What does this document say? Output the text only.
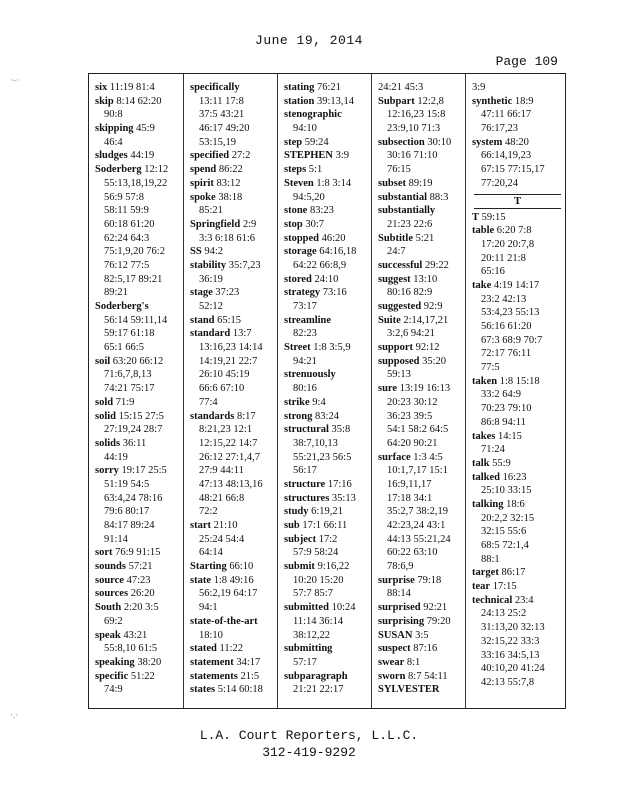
June 19, 2014
Page 109
·-·
·.·
six 11:19 81:4
skip 8:14 62:20
90:8
skipping 45:9
46:4
sludges 44:19
Soderberg 12:12
55:13,18,19,22
56:9 57:8
58:11 59:9
60:18 61:20
62:24 64:3
75:1,9,20 76:2
76:12 77:5
82:5,17 89:21
89:21
Soderberg's
56:14 59:11,14
59:17 61:18
65:1 66:5
soil 63:20 66:12
71:6,7,8,13
74:21 75:17
sold 71:9
solid 15:15 27:5
27:19,24 28:7
solids 36:11
44:19
sorry 19:17 25:5
51:19 54:5
63:4,24 78:16
79:6 80:17
84:17 89:24
91:14
sort 76:9 91:15
sounds 57:21
source 47:23
sources 26:20
South 2:20 3:5
69:2
speak 43:21
55:8,10 61:5
speaking 38:20
specific 51:22
74:9
specifically
13:11 17:8
37:5 43:21
46:17 49:20
53:15,19
specified 27:2
spend 86:22
spirit 83:12
spoke 38:18
85:21
Springfield 2:9
3:3 6:18 61:6
SS 94:2
stability 35:7,23
36:19
stage 37:23
52:12
stand 65:15
standard 13:7
13:16,23 14:14
14:19,21 22:7
26:10 45:19
66:6 67:10
77:4
standards 8:17
8:21,23 12:1
12:15,22 14:7
26:12 27:1,4,7
27:9 44:11
47:13 48:13,16
48:21 66:8
72:2
start 21:10
25:24 54:4
64:14
Starting 66:10
state 1:8 49:16
56:2,19 64:17
94:1
state-of-the-art
18:10
stated 11:22
statement 34:17
statements 21:5
states 5:14 60:18
stating 76:21
station 39:13,14
stenographic
94:10
step 59:24
STEPHEN 3:9
steps 5:1
Steven 1:8 3:14
94:5,20
stone 83:23
stop 30:7
stopped 46:20
storage 64:16,18
64:22 66:8,9
stored 24:10
strategy 73:16
73:17
streamline
82:23
Street 1:8 3:5,9
94:21
strenuously
80:16
strike 9:4
strong 83:24
structural 35:8
38:7,10,13
55:21,23 56:5
56:17
structure 17:16
structures 35:13
study 6:19,21
sub 17:1 66:11
subject 17:2
57:9 58:24
submit 9:16,22
10:20 15:20
57:7 85:7
submitted 10:24
11:14 36:14
38:12,22
submitting
57:17
subparagraph
21:21 22:17
24:21 45:3
Subpart 12:2,8
12:16,23 15:8
23:9,10 71:3
subsection 30:10
30:16 71:10
76:15
subset 89:19
substantial 88:3
substantially
21:23 22:6
Subtitle 5:21
24:7
successful 29:22
suggest 13:10
80:16 82:9
suggested 92:9
Suite 2:14,17,21
3:2,6 94:21
support 92:12
supposed 35:20
59:13
sure 13:19 16:13
20:23 30:12
36:23 39:5
54:1 58:2 64:5
64:20 90:21
surface 1:3 4:5
10:1,7,17 15:1
16:9,11,17
17:18 34:1
35:2,7 38:2,19
42:23,24 43:1
44:13 55:21,24
60:22 63:10
78:6,9
surprise 79:18
88:14
surprised 92:21
surprising 79:20
SUSAN 3:5
suspect 87:16
swear 8:1
sworn 8:7 54:11
SYLVESTER
3:9
synthetic 18:9
47:11 66:17
76:17,23
system 48:20
66:14,19,23
67:15 77:15,17
77:20,24
T
T 59:15
table 6:20 7:8
17:20 20:7,8
20:11 21:8
65:16
take 4:19 14:17
23:2 42:13
53:4,23 55:13
56:16 61:20
67:3 68:9 70:7
72:17 76:11
77:5
taken 1:8 15:18
33:2 64:9
70:23 79:10
86:8 94:11
takes 14:15
71:24
talk 55:9
talked 16:23
25:10 33:15
talking 18:6
20:2,2 32:15
32:15 55:6
68:5 72:1,4
88:1
target 86:17
tear 17:15
technical 23:4
24:13 25:2
31:13,20 32:13
32:15,22 33:3
33:16 34:5,13
40:10,20 41:24
42:13 55:7,8
L.A. Court Reporters, L.L.C.
312-419-9292
